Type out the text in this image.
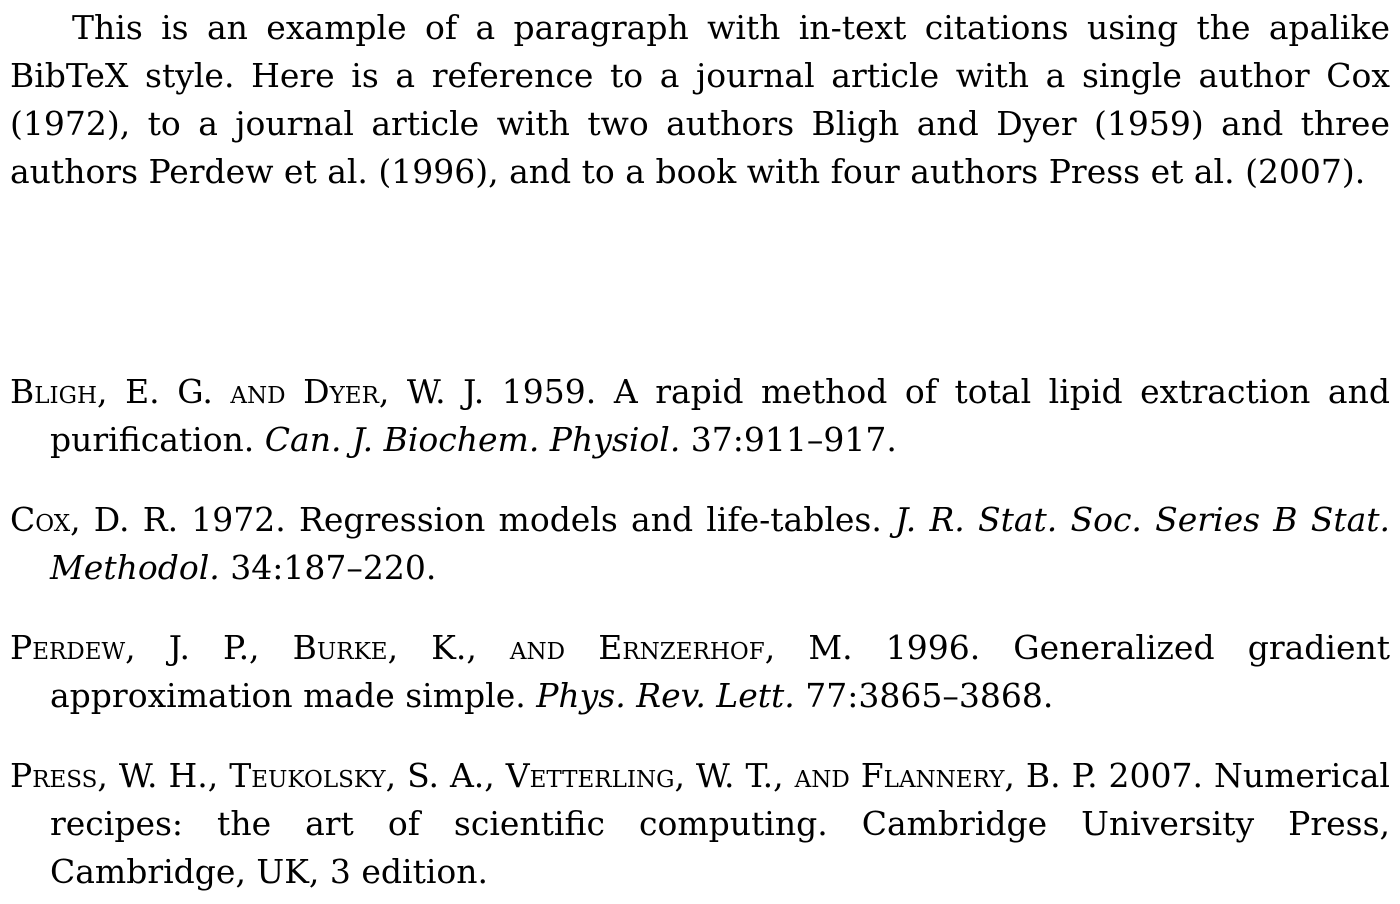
This is an example of a paragraph with in-text citations using the apalike BibTeX style. Here is a reference to a journal article with a single author Cox (1972), to a journal article with two authors Bligh and Dyer (1959) and three authors Perdew et al. (1996), and to a book with four authors Press et al. (2007).

Bligh, E. G. and Dyer, W. J. 1959. A rapid method of total lipid extraction and purification. Can. J. Biochem. Physiol. 37:911–917.

Cox, D. R. 1972. Regression models and life-tables. J. R. Stat. Soc. Series B Stat. Methodol. 34:187–220.

Perdew, J. P., Burke, K., and Ernzerhof, M. 1996. Generalized gradient approximation made simple. Phys. Rev. Lett. 77:3865–3868.

Press, W. H., Teukolsky, S. A., Vetterling, W. T., and Flannery, B. P. 2007. Numerical recipes: the art of scientific computing. Cambridge University Press, Cambridge, UK, 3 edition.
